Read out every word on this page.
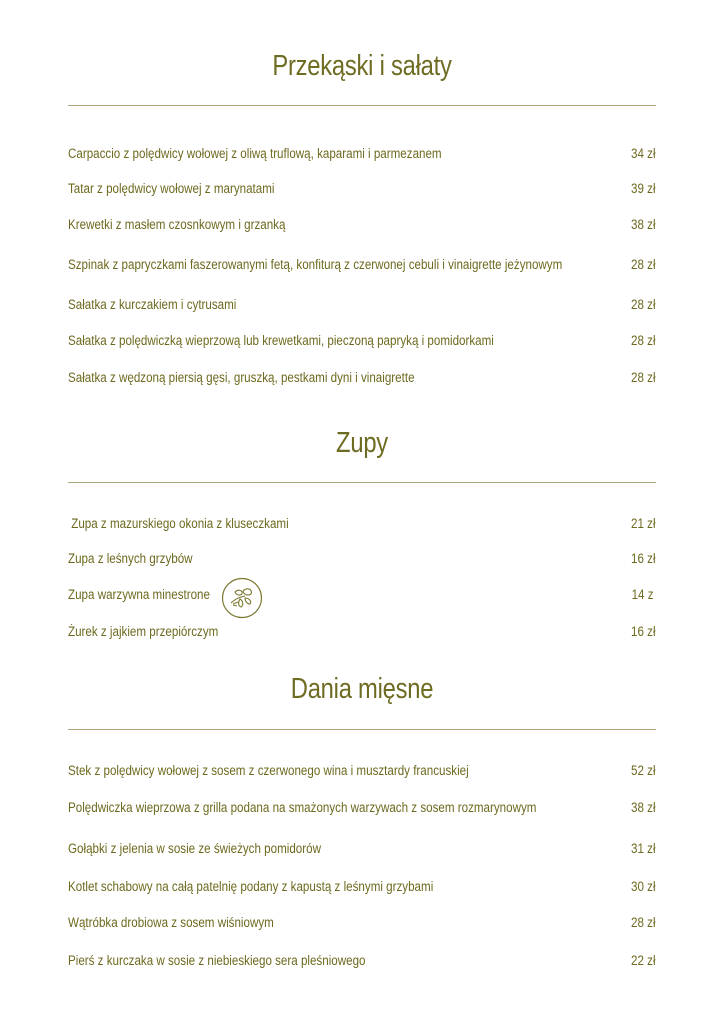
Przekąski i sałaty
Carpaccio z polędwicy wołowej z oliwą truflową, kaparami i parmezanem	34 zł
Tatar z polędwicy wołowej z marynatami	39 zł
Krewetki z masłem czosnkowym i grzanką	38 zł
Szpinak z papryczkami faszerowanymi fetą, konfiturą z czerwonej cebuli i vinaigrette jeżynowym	28 zł
Sałatka z kurczakiem i cytrusami	28 zł
Sałatka z polędwiczką wieprzową lub krewetkami, pieczoną papryką i pomidorkami	28 zł
Sałatka z wędzoną piersią gęsi, gruszką, pestkami dyni i vinaigrette	28 zł
Zupy
Zupa z mazurskiego okonia z kluseczkami	21 zł
Zupa z leśnych grzybów	16 zł
Zupa warzywna minestrone	14 z
Żurek z jajkiem przepiórczym	16 zł
Dania mięsne
Stek z polędwicy wołowej z sosem z czerwonego wina i musztardy francuskiej	52 zł
Polędwiczka wieprzowa z grilla podana na smażonych warzywach z sosem rozmarynowym	38 zł
Gołąbki z jelenia w sosie ze świeżych pomidorów	31 zł
Kotlet schabowy na całą patelnię podany z kapustą z leśnymi grzybami	30 zł
Wątróbka drobiowa z sosem wiśniowym	28 zł
Pierś z kurczaka w sosie z niebieskiego sera pleśniowego	22 zł
